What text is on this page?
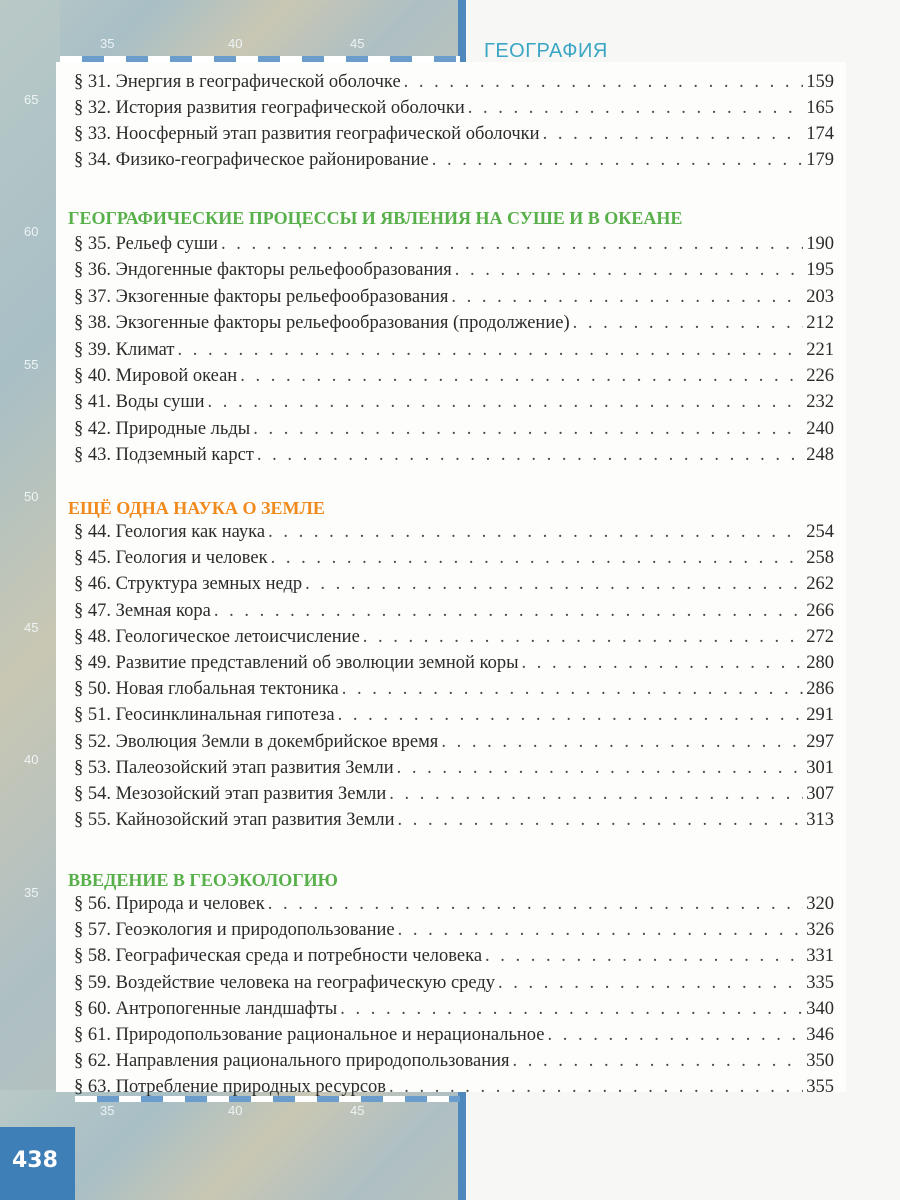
35	40	45
35	40	45
65
60
55
50
45
40
35
438
ГЕОГРАФИЯ
§ 31. Энергия в географической оболочке . . .	159
§ 32. История развития географической оболочки . . .	165
§ 33. Ноосферный этап развития географической оболочки . . .	174
§ 34. Физико-географическое районирование . . .	179
ГЕОГРАФИЧЕСКИЕ ПРОЦЕССЫ И ЯВЛЕНИЯ НА СУШЕ И В ОКЕАНЕ
§ 35. Рельеф суши . . .	190
§ 36. Эндогенные факторы рельефообразования . . .	195
§ 37. Экзогенные факторы рельефообразования . . .	203
§ 38. Экзогенные факторы рельефообразования (продолжение) . . .	212
§ 39. Климат . . .	221
§ 40. Мировой океан . . .	226
§ 41. Воды суши . . .	232
§ 42. Природные льды . . .	240
§ 43. Подземный карст . . .	248
ЕЩЁ ОДНА НАУКА О ЗЕМЛЕ
§ 44. Геология как наука . . .	254
§ 45. Геология и человек . . .	258
§ 46. Структура земных недр . . .	262
§ 47. Земная кора . . .	266
§ 48. Геологическое летоисчисление . . .	272
§ 49. Развитие представлений об эволюции земной коры . . .	280
§ 50. Новая глобальная тектоника . . .	286
§ 51. Геосинклинальная гипотеза . . .	291
§ 52. Эволюция Земли в докембрийское время . . .	297
§ 53. Палеозойский этап развития Земли . . .	301
§ 54. Мезозойский этап развития Земли . . .	307
§ 55. Кайнозойский этап развития Земли . . .	313
ВВЕДЕНИЕ В ГЕОЭКОЛОГИЮ
§ 56. Природа и человек . . .	320
§ 57. Геоэкология и природопользование . . .	326
§ 58. Географическая среда и потребности человека . . .	331
§ 59. Воздействие человека на географическую среду . . .	335
§ 60. Антропогенные ландшафты . . .	340
§ 61. Природопользование рациональное и нерациональное . . .	346
§ 62. Направления рационального природопользования . . .	350
§ 63. Потребление природных ресурсов . . .	355
